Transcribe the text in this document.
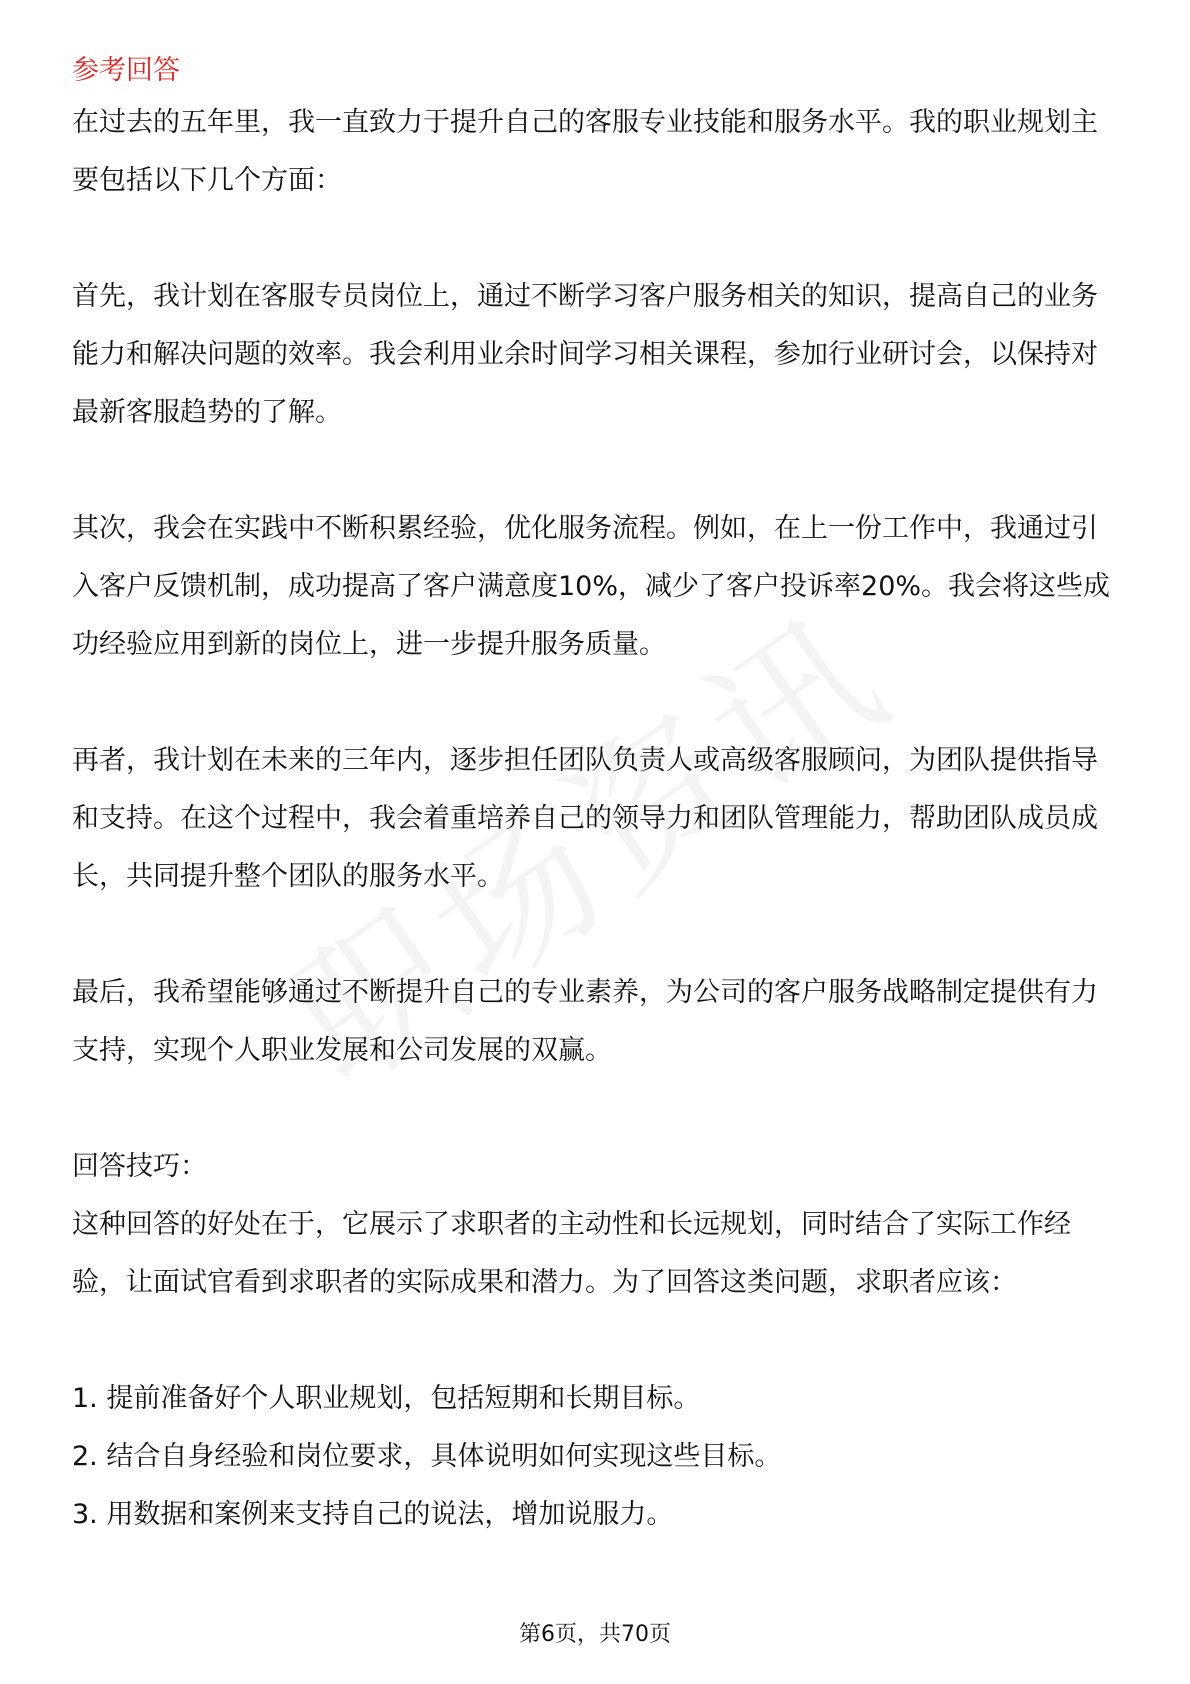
参考回答

在过去的五年里，我一直致力于提升自己的客服专业技能和服务水平。我的职业规划主要包括以下几个方面：

首先，我计划在客服专员岗位上，通过不断学习客户服务相关的知识，提高自己的业务能力和解决问题的效率。我会利用业余时间学习相关课程，参加行业研讨会，以保持对最新客服趋势的了解。

其次，我会在实践中不断积累经验，优化服务流程。例如，在上一份工作中，我通过引入客户反馈机制，成功提高了客户满意度10%，减少了客户投诉率20%。我会将这些成功经验应用到新的岗位上，进一步提升服务质量。

再者，我计划在未来的三年内，逐步担任团队负责人或高级客服顾问，为团队提供指导和支持。在这个过程中，我会着重培养自己的领导力和团队管理能力，帮助团队成员成长，共同提升整个团队的服务水平。

最后，我希望能够通过不断提升自己的专业素养，为公司的客户服务战略制定提供有力支持，实现个人职业发展和公司发展的双赢。

回答技巧：

这种回答的好处在于，它展示了求职者的主动性和长远规划，同时结合了实际工作经验，让面试官看到求职者的实际成果和潜力。为了回答这类问题，求职者应该：

1. 提前准备好个人职业规划，包括短期和长期目标。

2. 结合自身经验和岗位要求，具体说明如何实现这些目标。

3. 用数据和案例来支持自己的说法，增加说服力。

第6页，共70页
